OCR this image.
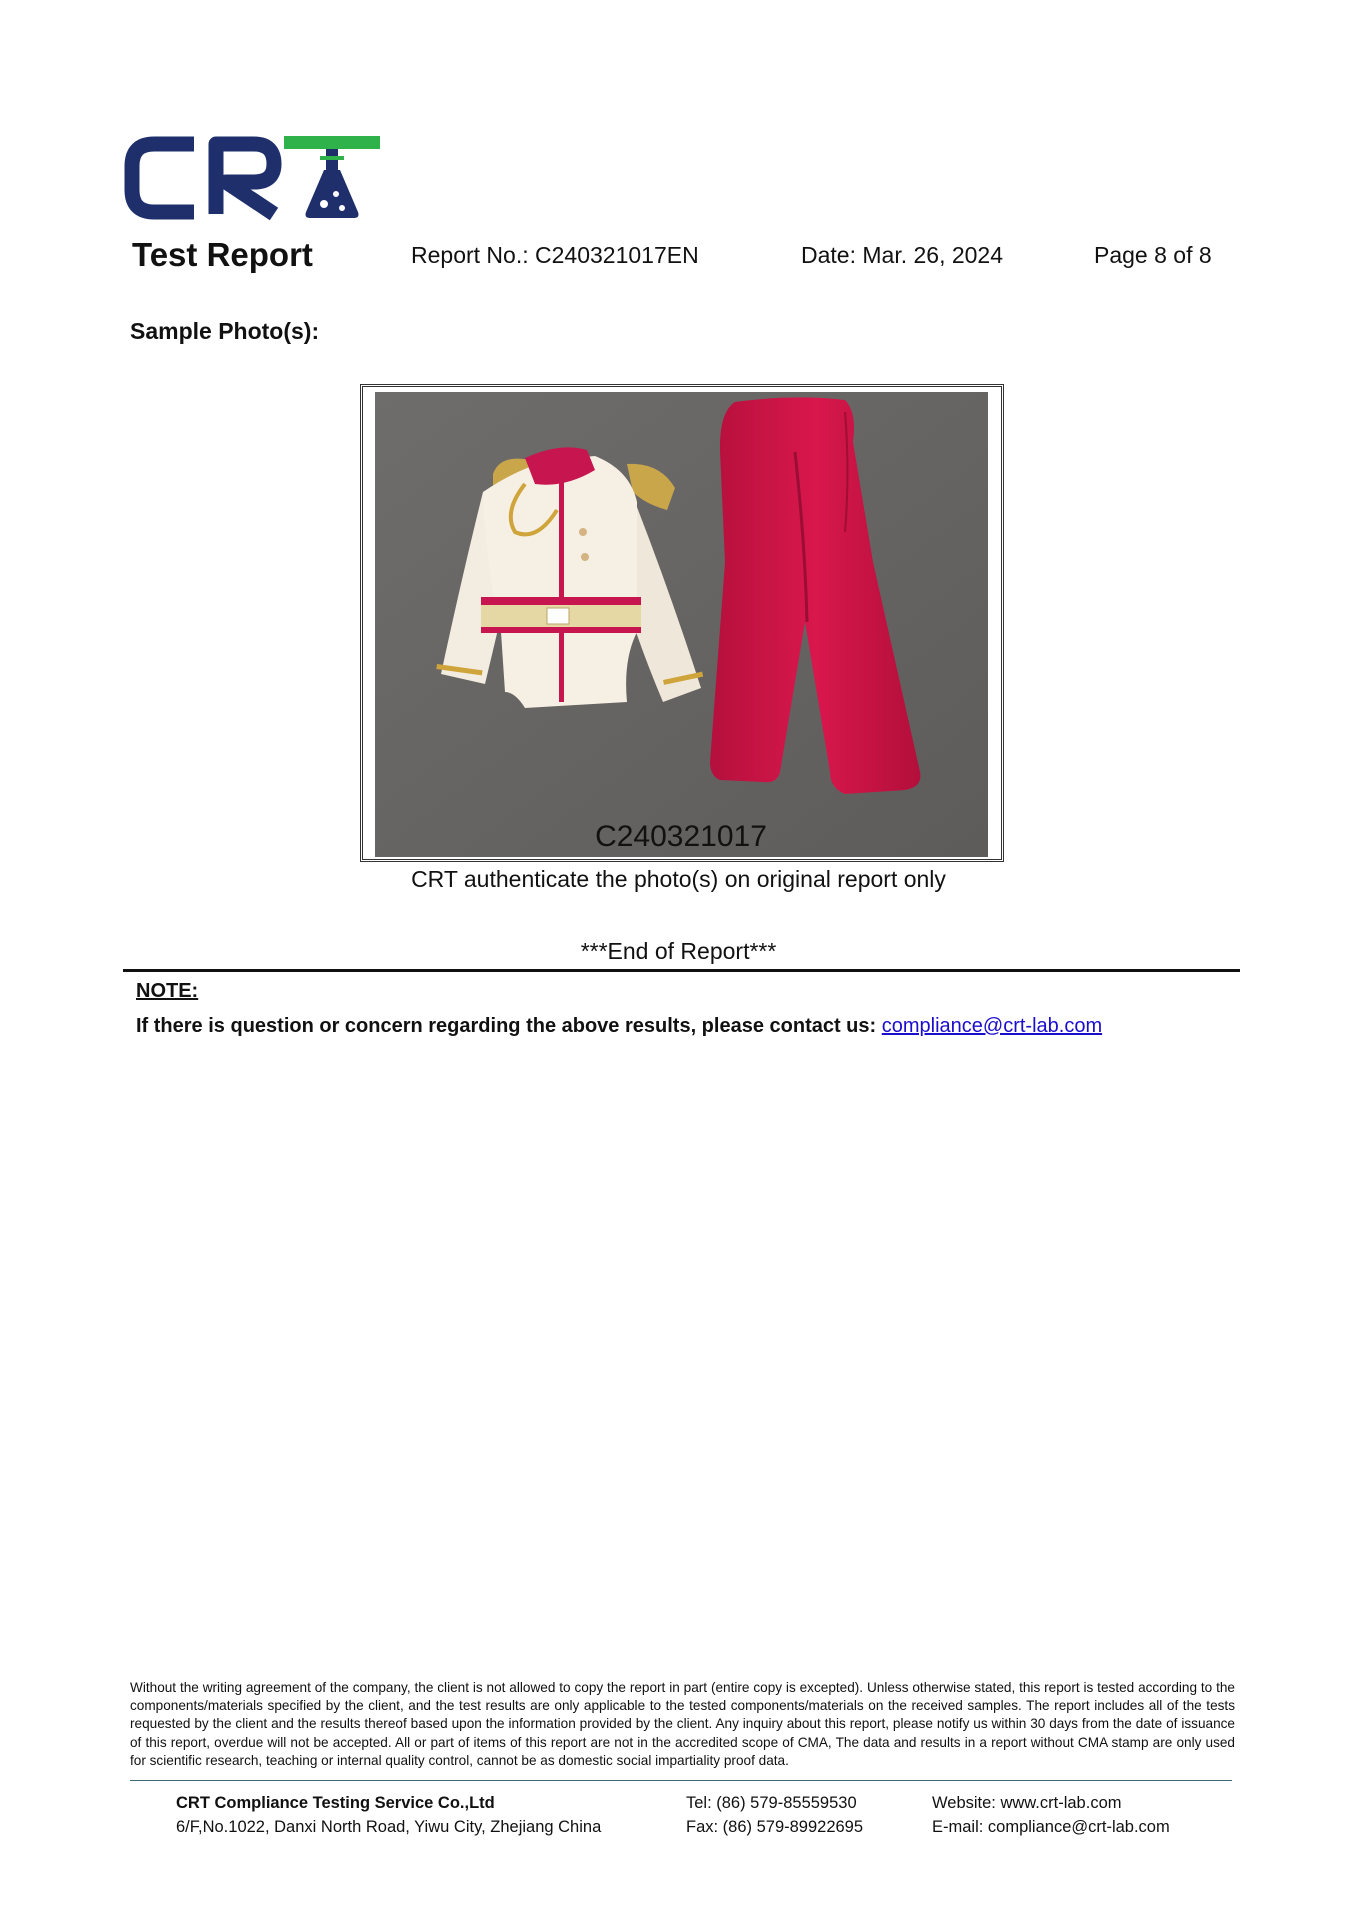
Test Report	Report No.: C240321017EN	Date: Mar. 26, 2024	Page 8 of 8
Sample Photo(s):
C240321017
CRT authenticate the photo(s) on original report only
***End of Report***
NOTE:
If there is question or concern regarding the above results, please contact us: compliance@crt-lab.com
Without the writing agreement of the company, the client is not allowed to copy the report in part (entire copy is excepted). Unless otherwise stated, this report is tested according to the components/materials specified by the client, and the test results are only applicable to the tested components/materials on the received samples. The report includes all of the tests requested by the client and the results thereof based upon the information provided by the client. Any inquiry about this report, please notify us within 30 days from the date of issuance of this report, overdue will not be accepted. All or part of items of this report are not in the accredited scope of CMA, The data and results in a report without CMA stamp are only used for scientific research, teaching or internal quality control, cannot be as domestic social impartiality proof data.
CRT Compliance Testing Service Co.,Ltd
6/F,No.1022, Danxi North Road, Yiwu City, Zhejiang China
Tel: (86) 579-85559530
Fax: (86) 579-89922695
Website: www.crt-lab.com
E-mail: compliance@crt-lab.com
